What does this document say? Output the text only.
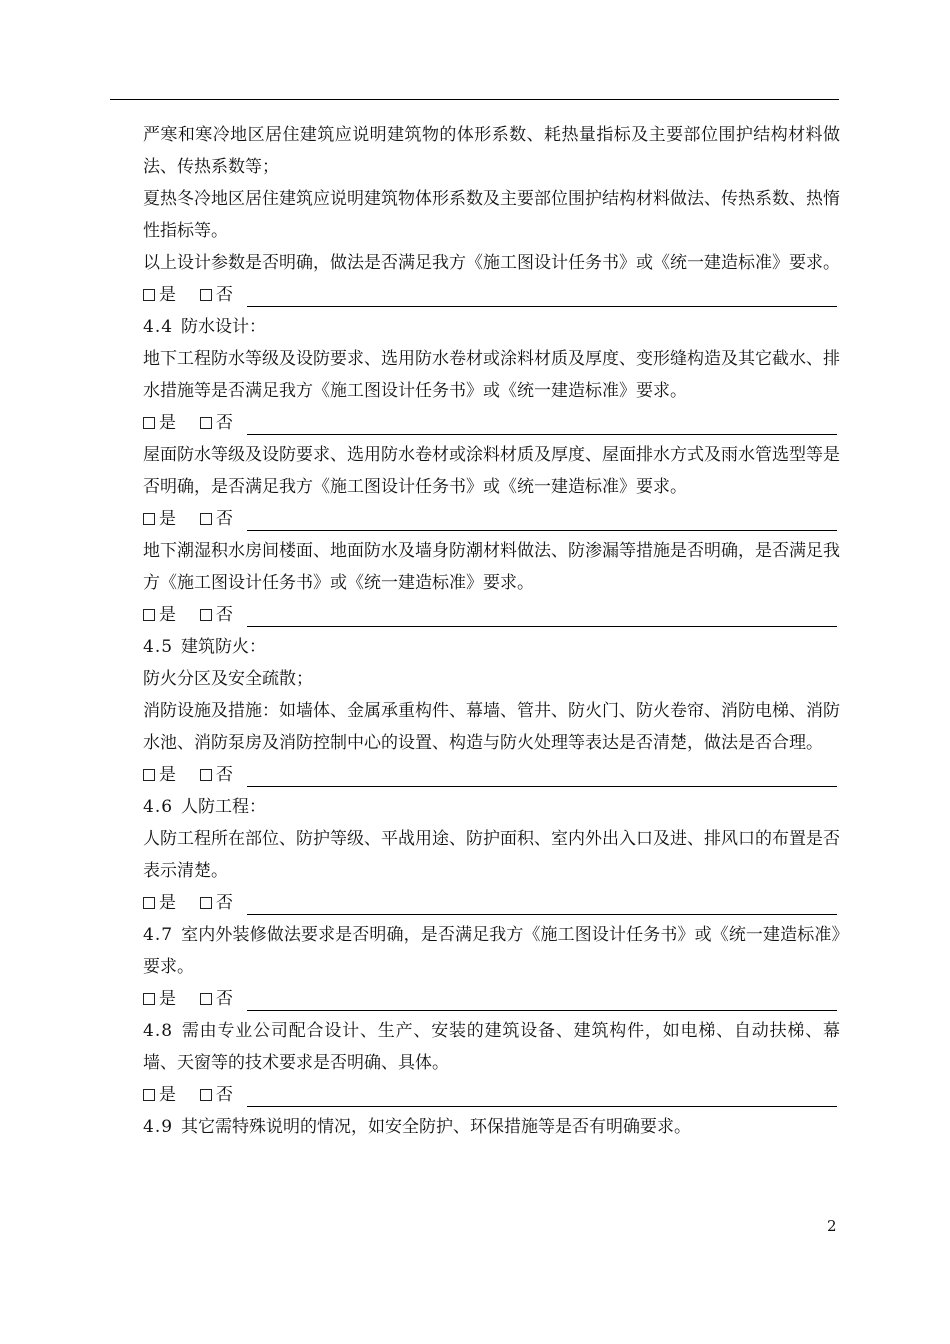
严寒和寒冷地区居住建筑应说明建筑物的体形系数、耗热量指标及主要部位围护结构材料做法、传热系数等；

夏热冬冷地区居住建筑应说明建筑物体形系数及主要部位围护结构材料做法、传热系数、热惰性指标等。

以上设计参数是否明确，做法是否满足我方《施工图设计任务书》或《统一建造标准》要求。

是 否

4.4 防水设计：

地下工程防水等级及设防要求、选用防水卷材或涂料材质及厚度、变形缝构造及其它截水、排水措施等是否满足我方《施工图设计任务书》或《统一建造标准》要求。

是 否

屋面防水等级及设防要求、选用防水卷材或涂料材质及厚度、屋面排水方式及雨水管选型等是否明确，是否满足我方《施工图设计任务书》或《统一建造标准》要求。

是 否

地下潮湿积水房间楼面、地面防水及墙身防潮材料做法、防渗漏等措施是否明确，是否满足我方《施工图设计任务书》或《统一建造标准》要求。

是 否

4.5 建筑防火：

防火分区及安全疏散；

消防设施及措施：如墙体、金属承重构件、幕墙、管井、防火门、防火卷帘、消防电梯、消防水池、消防泵房及消防控制中心的设置、构造与防火处理等表达是否清楚，做法是否合理。

是 否

4.6 人防工程：

人防工程所在部位、防护等级、平战用途、防护面积、室内外出入口及进、排风口的布置是否表示清楚。

是 否

4.7 室内外装修做法要求是否明确，是否满足我方《施工图设计任务书》或《统一建造标准》要求。

是 否

4.8 需由专业公司配合设计、生产、安装的建筑设备、建筑构件，如电梯、自动扶梯、幕墙、天窗等的技术要求是否明确、具体。

是 否

4.9 其它需特殊说明的情况，如安全防护、环保措施等是否有明确要求。

2
